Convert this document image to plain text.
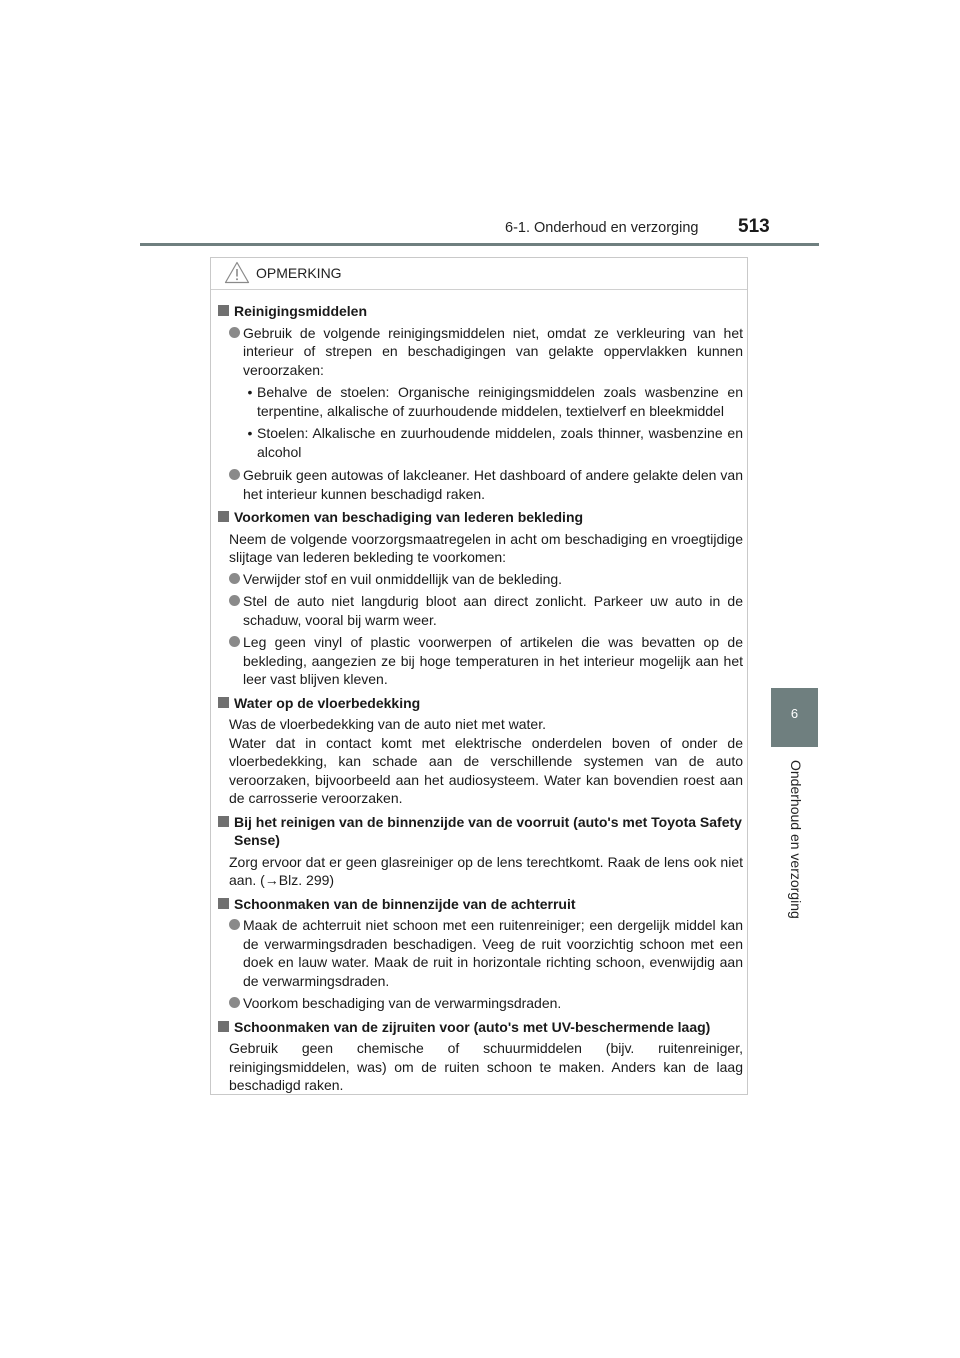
6-1. Onderhoud en verzorging 513
6
Onderhoud en verzorging
OPMERKING
Reinigingsmiddelen
Gebruik de volgende reinigingsmiddelen niet, omdat ze verkleuring van het interieur of strepen en beschadigingen van gelakte oppervlakken kunnen veroorzaken:
• Behalve de stoelen: Organische reinigingsmiddelen zoals wasbenzine en terpentine, alkalische of zuurhoudende middelen, textielverf en bleekmiddel
• Stoelen: Alkalische en zuurhoudende middelen, zoals thinner, wasbenzine en alcohol
Gebruik geen autowas of lakcleaner. Het dashboard of andere gelakte delen van het interieur kunnen beschadigd raken.
Voorkomen van beschadiging van lederen bekleding
Neem de volgende voorzorgsmaatregelen in acht om beschadiging en vroegtijdige slijtage van lederen bekleding te voorkomen:
Verwijder stof en vuil onmiddellijk van de bekleding.
Stel de auto niet langdurig bloot aan direct zonlicht. Parkeer uw auto in de schaduw, vooral bij warm weer.
Leg geen vinyl of plastic voorwerpen of artikelen die was bevatten op de bekleding, aangezien ze bij hoge temperaturen in het interieur mogelijk aan het leer vast blijven kleven.
Water op de vloerbedekking
Was de vloerbedekking van de auto niet met water.
Water dat in contact komt met elektrische onderdelen boven of onder de vloerbedekking, kan schade aan de verschillende systemen van de auto veroorzaken, bijvoorbeeld aan het audiosysteem. Water kan bovendien roest aan de carrosserie veroorzaken.
Bij het reinigen van de binnenzijde van de voorruit (auto's met Toyota Safety Sense)
Zorg ervoor dat er geen glasreiniger op de lens terechtkomt. Raak de lens ook niet aan. (→Blz. 299)
Schoonmaken van de binnenzijde van de achterruit
Maak de achterruit niet schoon met een ruitenreiniger; een dergelijk middel kan de verwarmingsdraden beschadigen. Veeg de ruit voorzichtig schoon met een doek en lauw water. Maak de ruit in horizontale richting schoon, evenwijdig aan de verwarmingsdraden.
Voorkom beschadiging van de verwarmingsdraden.
Schoonmaken van de zijruiten voor (auto's met UV-beschermende laag)
Gebruik geen chemische of schuurmiddelen (bijv. ruitenreiniger, reinigingsmiddelen, was) om de ruiten schoon te maken. Anders kan de laag beschadigd raken.
